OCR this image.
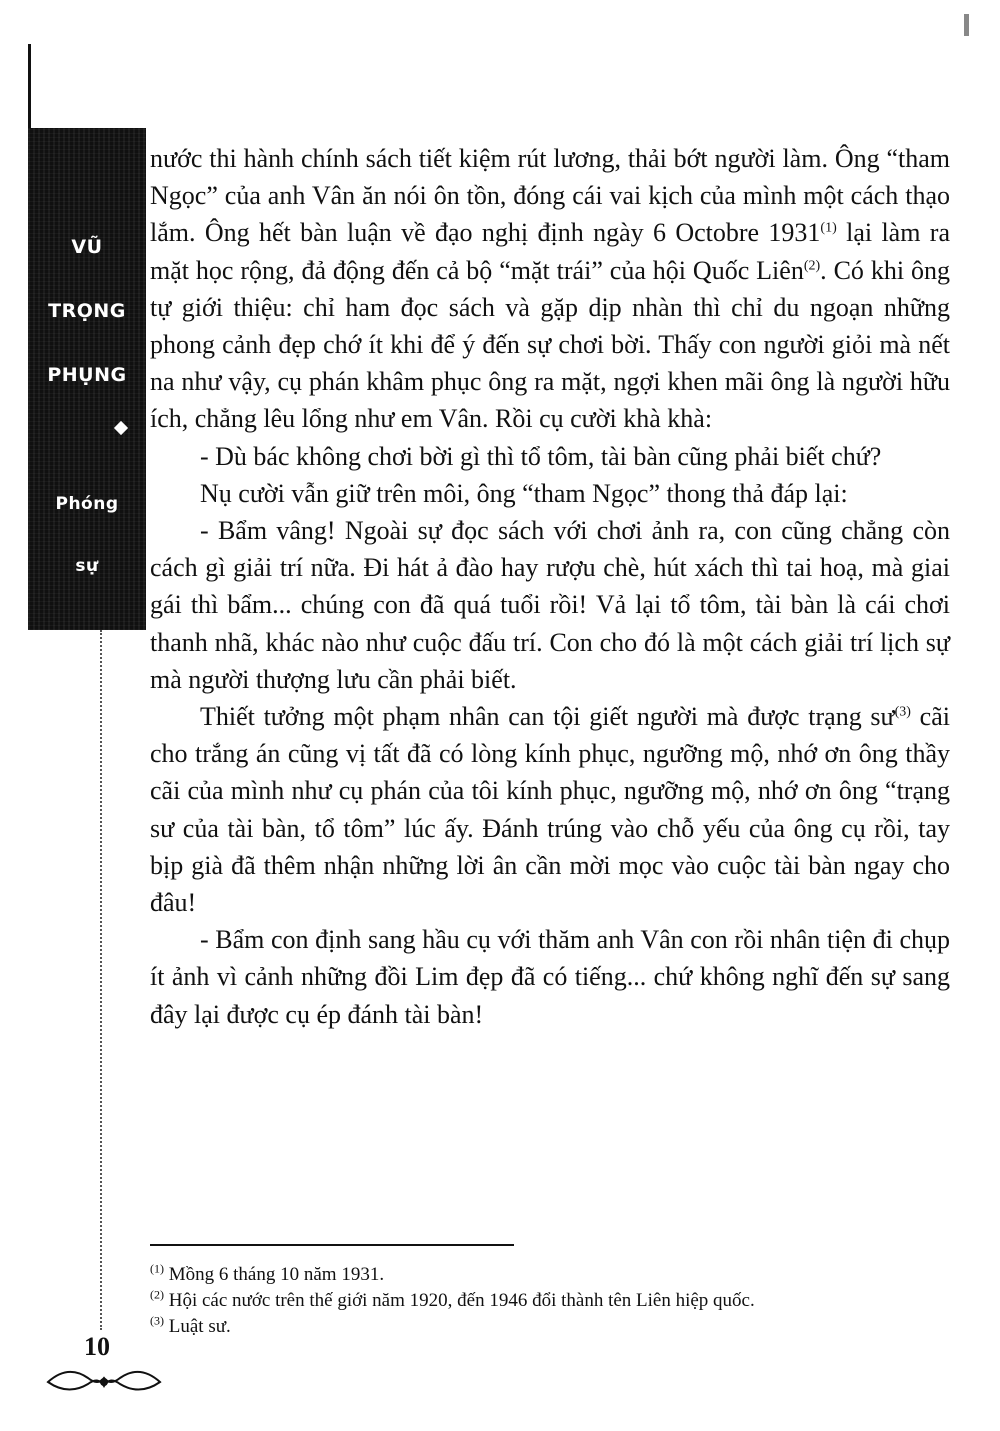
VŨ
TRỌNG
PHỤNG
Phóng
sự

nước thi hành chính sách tiết kiệm rút lương, thải bớt người làm. Ông “tham Ngọc” của anh Vân ăn nói ôn tồn, đóng cái vai kịch của mình một cách thạo lắm. Ông hết bàn luận về đạo nghị định ngày 6 Octobre 1931$^{(1)}$ lại làm ra mặt học rộng, đả động đến cả bộ “mặt trái” của hội Quốc Liên$^{(2)}$. Có khi ông tự giới thiệu: chỉ ham đọc sách và gặp dịp nhàn thì chỉ du ngoạn những phong cảnh đẹp chớ ít khi để ý đến sự chơi bời. Thấy con người giỏi mà nết na như vậy, cụ phán khâm phục ông ra mặt, ngợi khen mãi ông là người hữu ích, chẳng lêu lổng như em Vân. Rồi cụ cười khà khà:

- Dù bác không chơi bời gì thì tổ tôm, tài bàn cũng phải biết chứ?

Nụ cười vẫn giữ trên môi, ông “tham Ngọc” thong thả đáp lại:

- Bẩm vâng! Ngoài sự đọc sách với chơi ảnh ra, con cũng chẳng còn cách gì giải trí nữa. Đi hát ả đào hay rượu chè, hút xách thì tai hoạ, mà giai gái thì bẩm... chúng con đã quá tuổi rồi! Vả lại tổ tôm, tài bàn là cái chơi thanh nhã, khác nào như cuộc đấu trí. Con cho đó là một cách giải trí lịch sự mà người thượng lưu cần phải biết.

Thiết tưởng một phạm nhân can tội giết người mà được trạng $sư^{(3)}$ cãi cho trắng án cũng vị tất đã có lòng kính phục, ngưỡng mộ, nhớ ơn ông thầy cãi của mình như cụ phán của tôi kính phục, ngưỡng mộ, nhớ ơn ông “trạng sư của tài bàn, tổ tôm” lúc ấy. Đánh trúng vào chỗ yếu của ông cụ rồi, tay bịp già đã thêm nhận những lời ân cần mời mọc vào cuộc tài bàn ngay cho đâu!

- Bẩm con định sang hầu cụ với thăm anh Vân con rồi nhân tiện đi chụp ít ảnh vì cảnh những đồi Lim đẹp đã có tiếng... chứ không nghĩ đến sự sang đây lại được cụ ép đánh tài bàn!

$^{(1)}$ Mồng 6 tháng 10 năm 1931.
$^{(2)}$ Hội các nước trên thế giới năm 1920, đến 1946 đổi thành tên Liên hiệp quốc.
$^{(3)}$ Luật sư.
10
